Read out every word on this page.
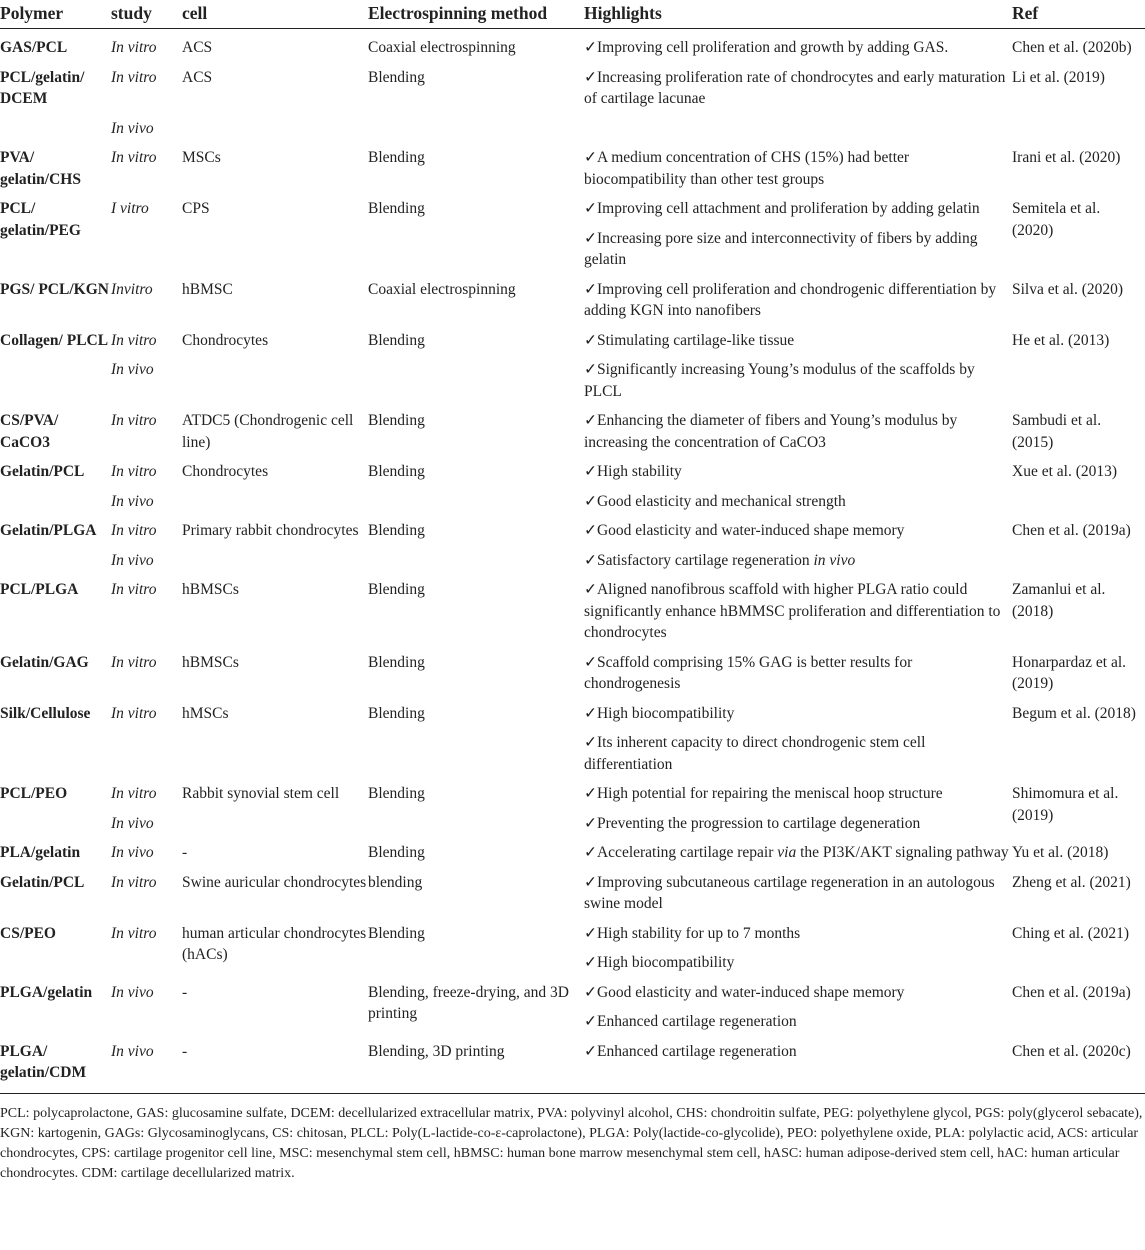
Polymer	study	cell	Electrospinning method	Highlights	Ref
GAS/PCL	In vitro	ACS	Coaxial electrospinning	✓Improving cell proliferation and growth by adding GAS.	Chen et al. (2020b)
PCL/gelatin/ DCEM	In vitro	ACS	Blending	✓Increasing proliferation rate of chondrocytes and early maturation of cartilage lacunae	Li et al. (2019)
	In vivo				
PVA/ gelatin/CHS	In vitro	MSCs	Blending	✓A medium concentration of CHS (15%) had better biocompatibility than other test groups	Irani et al. (2020)
PCL/ gelatin/PEG	I vitro	CPS	Blending	✓Improving cell attachment and proliferation by adding gelatin	Semitela et al. (2020)
				✓Increasing pore size and interconnectivity of fibers by adding gelatin	
PGS/ PCL/KGN	Invitro	hBMSC	Coaxial electrospinning	✓Improving cell proliferation and chondrogenic differentiation by adding KGN into nanofibers	Silva et al. (2020)
Collagen/ PLCL	In vitro	Chondrocytes	Blending	✓Stimulating cartilage-like tissue	He et al. (2013)
	In vivo			✓Significantly increasing Young’s modulus of the scaffolds by PLCL	
CS/PVA/ CaCO3	In vitro	ATDC5 (Chondrogenic cell line)	Blending	✓Enhancing the diameter of fibers and Young’s modulus by increasing the concentration of CaCO3	Sambudi et al. (2015)
Gelatin/PCL	In vitro	Chondrocytes	Blending	✓High stability	Xue et al. (2013)
	In vivo			✓Good elasticity and mechanical strength	
Gelatin/PLGA	In vitro	Primary rabbit chondrocytes	Blending	✓Good elasticity and water-induced shape memory	Chen et al. (2019a)
	In vivo			✓Satisfactory cartilage regeneration in vivo	
PCL/PLGA	In vitro	hBMSCs	Blending	✓Aligned nanofibrous scaffold with higher PLGA ratio could significantly enhance hBMMSC proliferation and differentiation to chondrocytes	Zamanlui et al. (2018)
Gelatin/GAG	In vitro	hBMSCs	Blending	✓Scaffold comprising 15% GAG is better results for chondrogenesis	Honarpardaz et al. (2019)
Silk/Cellulose	In vitro	hMSCs	Blending	✓High biocompatibility	Begum et al. (2018)
				✓Its inherent capacity to direct chondrogenic stem cell differentiation	
PCL/PEO	In vitro	Rabbit synovial stem cell	Blending	✓High potential for repairing the meniscal hoop structure	Shimomura et al. (2019)
	In vivo			✓Preventing the progression to cartilage degeneration	
PLA/gelatin	In vivo	-	Blending	✓Accelerating cartilage repair via the PI3K/AKT signaling pathway	Yu et al. (2018)
Gelatin/PCL	In vitro	Swine auricular chondrocytes	blending	✓Improving subcutaneous cartilage regeneration in an autologous swine model	Zheng et al. (2021)
CS/PEO	In vitro	human articular chondrocytes (hACs)	Blending	✓High stability for up to 7 months	Ching et al. (2021)
				✓High biocompatibility	
PLGA/gelatin	In vivo	-	Blending, freeze-drying, and 3D printing	✓Good elasticity and water-induced shape memory	Chen et al. (2019a)
				✓Enhanced cartilage regeneration	
PLGA/ gelatin/CDM	In vivo	-	Blending, 3D printing	✓Enhanced cartilage regeneration	Chen et al. (2020c)
PCL: polycaprolactone, GAS: glucosamine sulfate, DCEM: decellularized extracellular matrix, PVA: polyvinyl alcohol, CHS: chondroitin sulfate, PEG: polyethylene glycol, PGS: poly(glycerol sebacate), KGN: kartogenin, GAGs: Glycosaminoglycans, CS: chitosan, PLCL: Poly(L-lactide-co-ε-caprolactone), PLGA: Poly(lactide-co-glycolide), PEO: polyethylene oxide, PLA: polylactic acid, ACS: articular chondrocytes, CPS: cartilage progenitor cell line, MSC: mesenchymal stem cell, hBMSC: human bone marrow mesenchymal stem cell, hASC: human adipose-derived stem cell, hAC: human articular chondrocytes. CDM: cartilage decellularized matrix.
